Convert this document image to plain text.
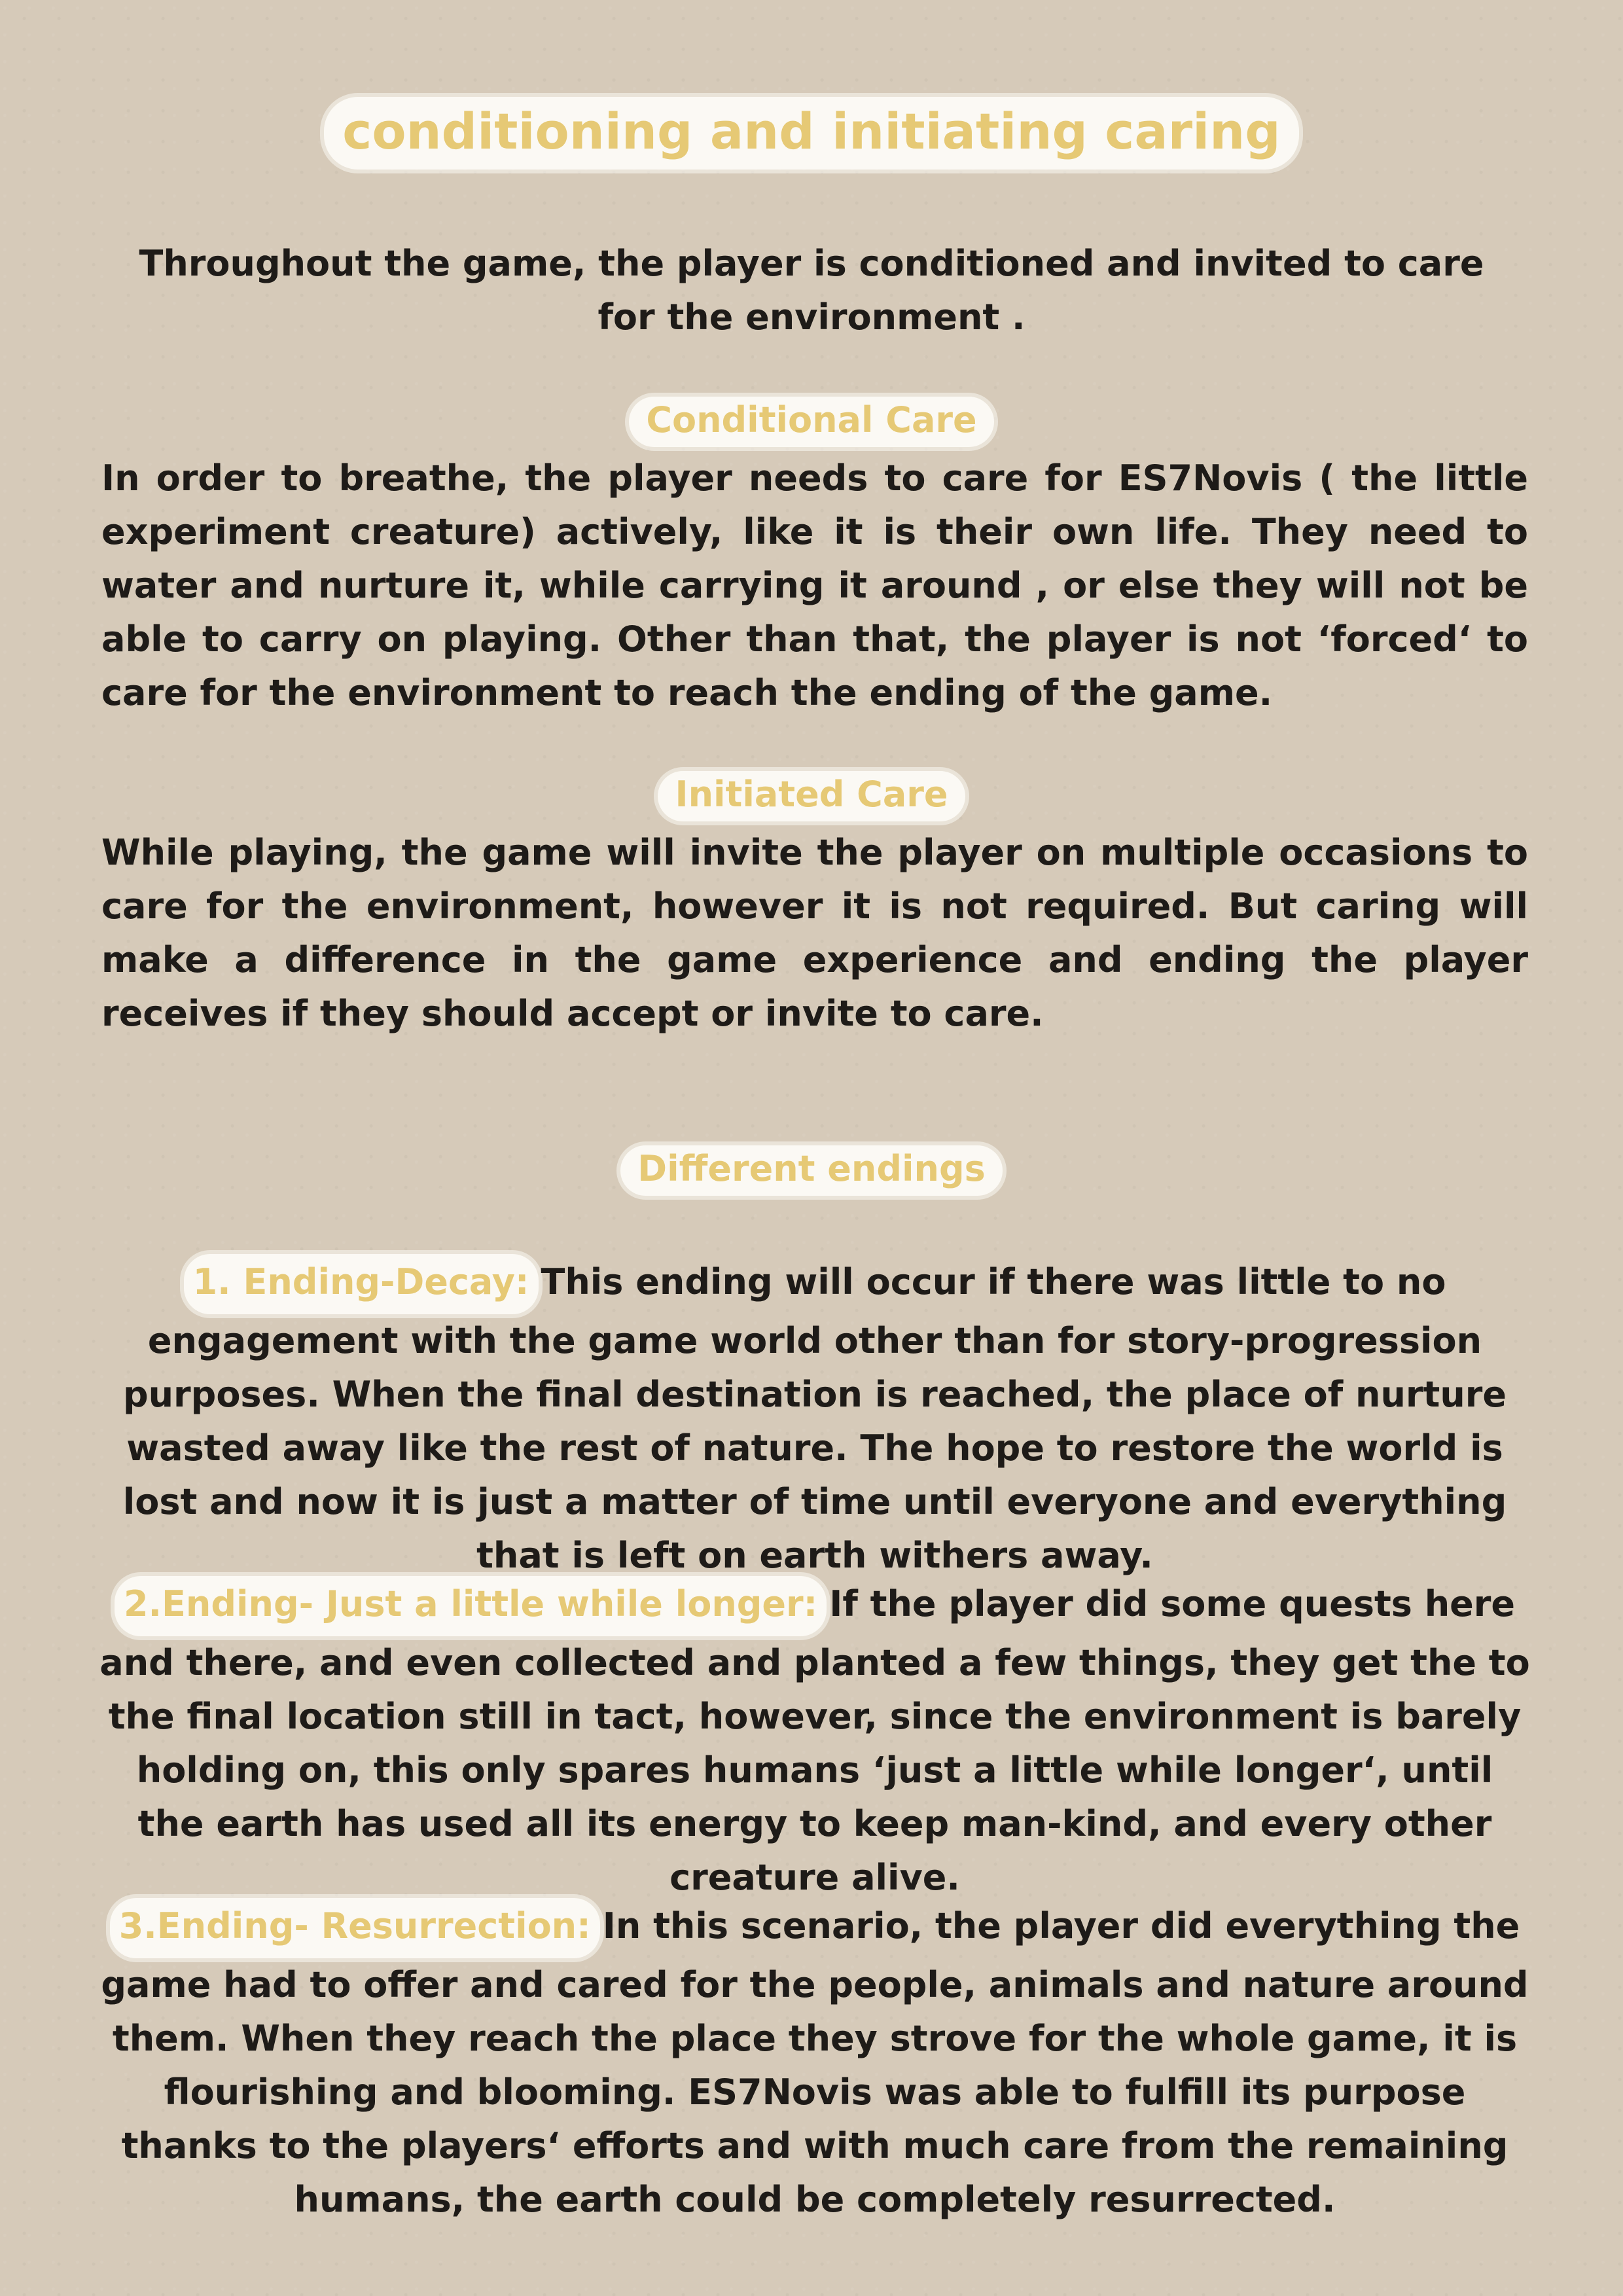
conditioning and initiating caring

Throughout the game, the player is conditioned and invited to care for the environment .

Conditional Care

In order to breathe, the player needs to care for ES7Novis ( the little experiment creature) actively, like it is their own life. They need to water and nurture it, while carrying it around , or else they will not be able to carry on playing. Other than that, the player is not ‘forced‘ to care for the environment to reach the ending of the game.

Initiated Care

While playing, the game will invite the player on multiple occasions to care for the environment, however it is not required. But caring will make a difference in the game experience and ending the player receives if they should accept or invite to care.

Different endings

1. Ending-Decay: This ending will occur if there was little to no engagement with the game world other than for story-progression purposes. When the final destination is reached, the place of nurture wasted away like the rest of nature. The hope to restore the world is lost and now it is just a matter of time until everyone and everything that is left on earth withers away.

2.Ending- Just a little while longer: If the player did some quests here and there, and even collected and planted a few things, they get the to the final location still in tact, however, since the environment is barely holding on, this only spares humans ‘just a little while longer‘, until the earth has used all its energy to keep man-kind, and every other creature alive.

3.Ending- Resurrection: In this scenario, the player did everything the game had to offer and cared for the people, animals and nature around them. When they reach the place they strove for the whole game, it is flourishing and blooming. ES7Novis was able to fulfill its purpose thanks to the players‘ efforts and with much care from the remaining humans, the earth could be completely resurrected.
